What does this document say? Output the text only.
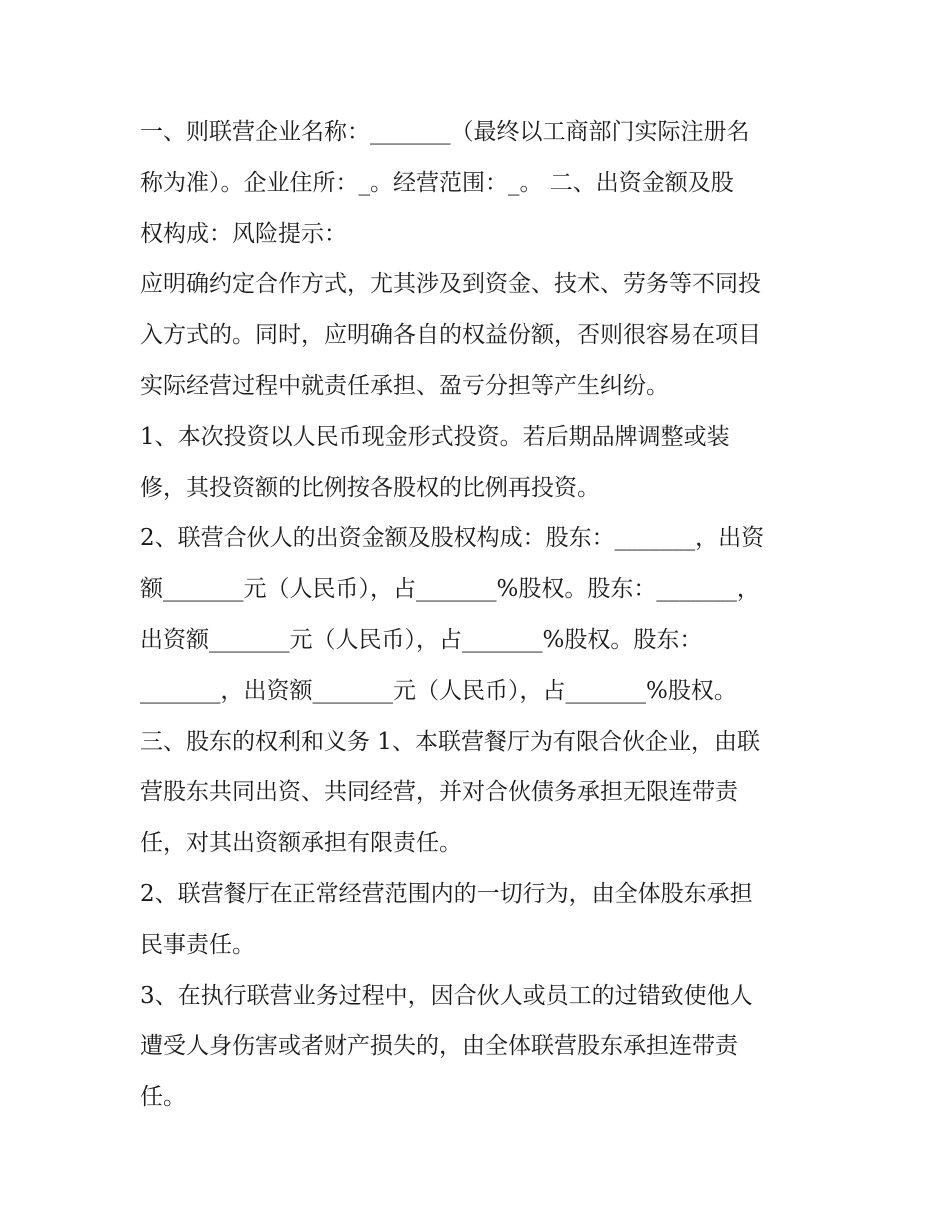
一、则联营企业名称：_______（最终以工商部门实际注册名
称为准）。企业住所：_。经营范围：_。 二、出资金额及股
权构成：风险提示：
应明确约定合作方式，尤其涉及到资金、技术、劳务等不同投
入方式的。同时，应明确各自的权益份额，否则很容易在项目
实际经营过程中就责任承担、盈亏分担等产生纠纷。
1、本次投资以人民币现金形式投资。若后期品牌调整或装
修，其投资额的比例按各股权的比例再投资。
2、联营合伙人的出资金额及股权构成：股东：_______，出资
额_______元（人民币），占_______%股权。股东：_______，
出资额_______元（人民币），占_______%股权。股东：
_______，出资额_______元（人民币），占_______%股权。
三、股东的权利和义务 1、本联营餐厅为有限合伙企业，由联
营股东共同出资、共同经营，并对合伙债务承担无限连带责
任，对其出资额承担有限责任。
2、联营餐厅在正常经营范围内的一切行为，由全体股东承担
民事责任。
3、在执行联营业务过程中，因合伙人或员工的过错致使他人
遭受人身伤害或者财产损失的，由全体联营股东承担连带责
任。
